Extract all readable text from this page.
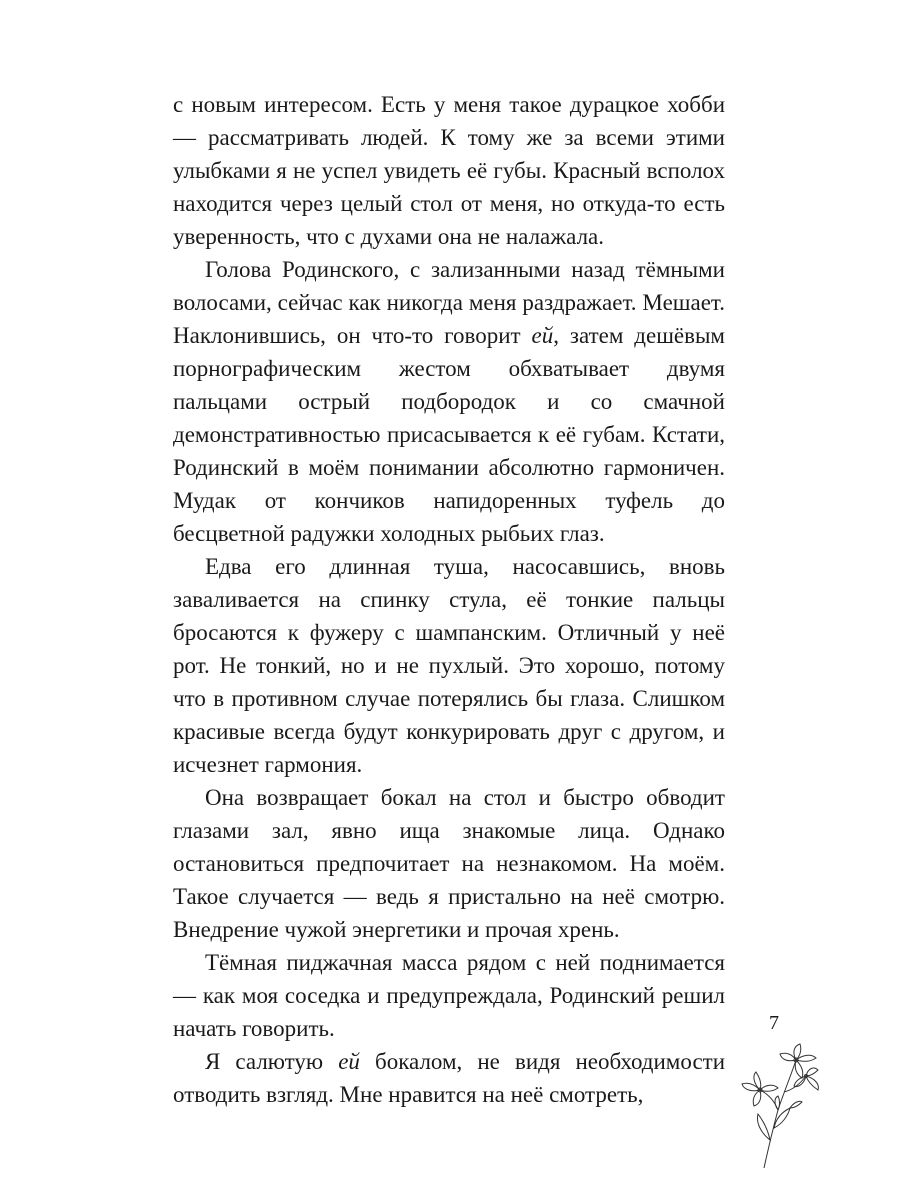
с новым интересом. Есть у меня такое дурацкое хобби — рассматривать людей. К тому же за всеми этими улыбками я не успел увидеть её губы. Красный всполох находится через целый стол от меня, но откуда-то есть уверенность, что с духами она не налажала.

Голова Родинского, с зализанными назад тёмными волосами, сейчас как никогда меня раздражает. Мешает. Наклонившись, он что-то говорит ей, затем дешёвым порнографическим жестом обхватывает двумя пальцами острый подбородок и со смачной демонстративностью присасывается к её губам. Кстати, Родинский в моём понимании абсолютно гармоничен. Мудак от кончиков напидоренных туфель до бесцветной радужки холодных рыбьих глаз.

Едва его длинная туша, насосавшись, вновь заваливается на спинку стула, её тонкие пальцы бросаются к фужеру с шампанским. Отличный у неё рот. Не тонкий, но и не пухлый. Это хорошо, потому что в противном случае потерялись бы глаза. Слишком красивые всегда будут конкурировать друг с другом, и исчезнет гармония.

Она возвращает бокал на стол и быстро обводит глазами зал, явно ища знакомые лица. Однако остановиться предпочитает на незнакомом. На моём. Такое случается — ведь я пристально на неё смотрю. Внедрение чужой энергетики и прочая хрень.

Тёмная пиджачная масса рядом с ней поднимается — как моя соседка и предупреждала, Родинский решил начать говорить.

Я салютую ей бокалом, не видя необходимости отводить взгляд. Мне нравится на неё смотреть,

7
